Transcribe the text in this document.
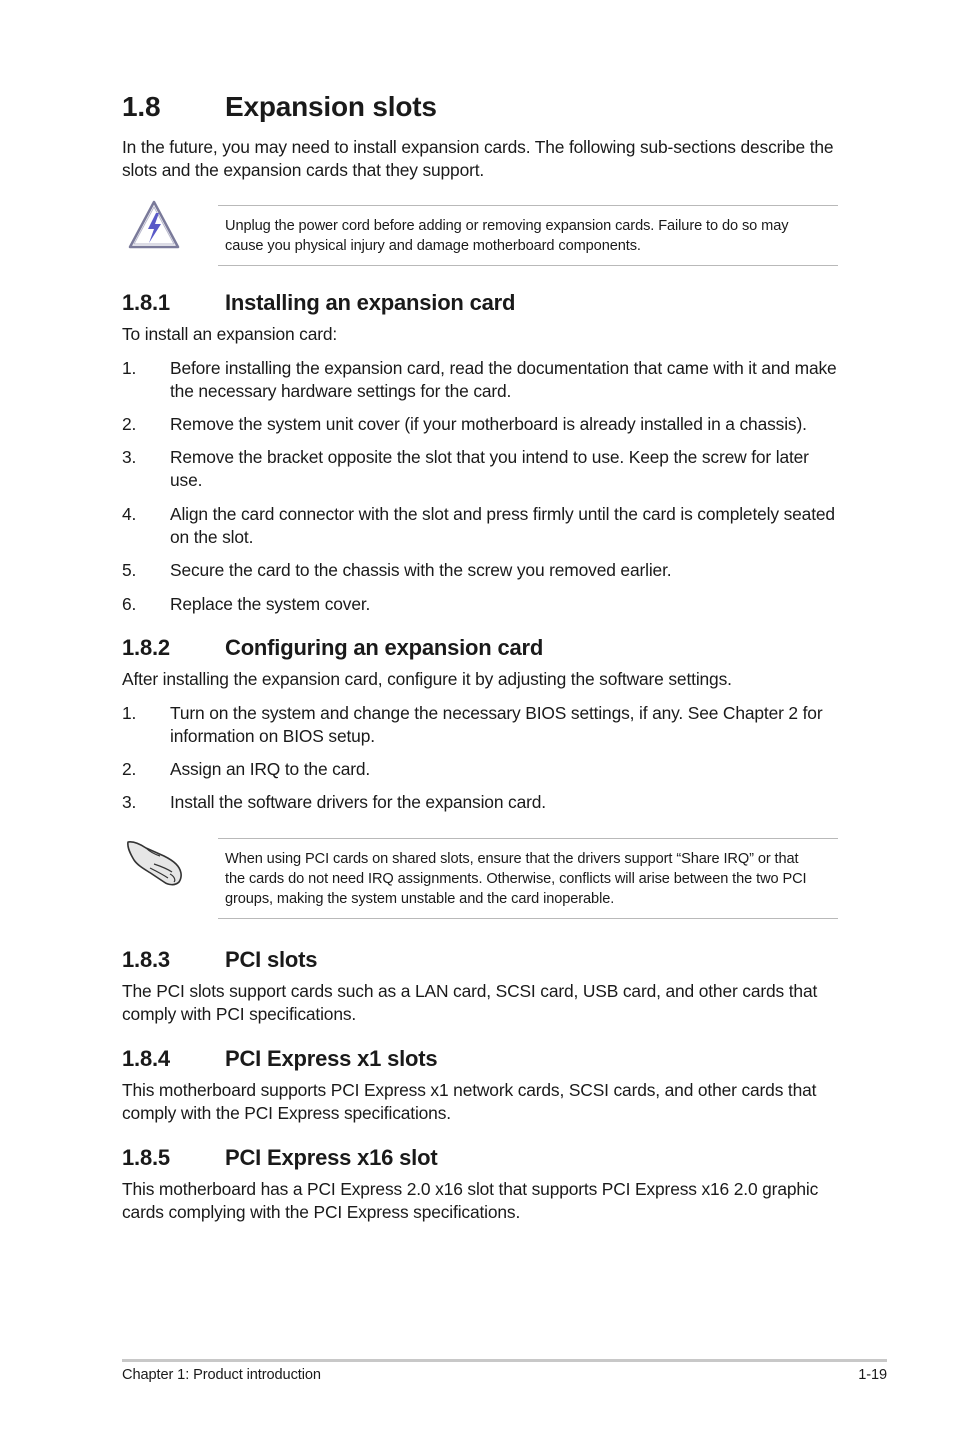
1.8 Expansion slots
In the future, you may need to install expansion cards. The following sub-sections describe the slots and the expansion cards that they support.
Unplug the power cord before adding or removing expansion cards. Failure to do so may
cause you physical injury and damage motherboard components.
1.8.1	Installing an expansion card
To install an expansion card:
1. Before installing the expansion card, read the documentation that came with it and make the necessary hardware settings for the card.
2. Remove the system unit cover (if your motherboard is already installed in a chassis).
3. Remove the bracket opposite the slot that you intend to use. Keep the screw for later use.
4. Align the card connector with the slot and press firmly until the card is completely seated on the slot.
5. Secure the card to the chassis with the screw you removed earlier.
6. Replace the system cover.
1.8.2	Configuring an expansion card
After installing the expansion card, configure it by adjusting the software settings.
1. Turn on the system and change the necessary BIOS settings, if any. See Chapter 2 for information on BIOS setup.
2. Assign an IRQ to the card.
3. Install the software drivers for the expansion card.
When using PCI cards on shared slots, ensure that the drivers support “Share IRQ” or that
the cards do not need IRQ assignments. Otherwise, conflicts will arise between the two PCI
groups, making the system unstable and the card inoperable.
1.8.3	PCI slots
The PCI slots support cards such as a LAN card, SCSI card, USB card, and other cards that comply with PCI specifications.
1.8.4	PCI Express x1 slots
This motherboard supports PCI Express x1 network cards, SCSI cards, and other cards that comply with the PCI Express specifications.
1.8.5	PCI Express x16 slot
This motherboard has a PCI Express 2.0 x16 slot that supports PCI Express x16 2.0 graphic cards complying with the PCI Express specifications.
Chapter 1: Product introduction	1-19
